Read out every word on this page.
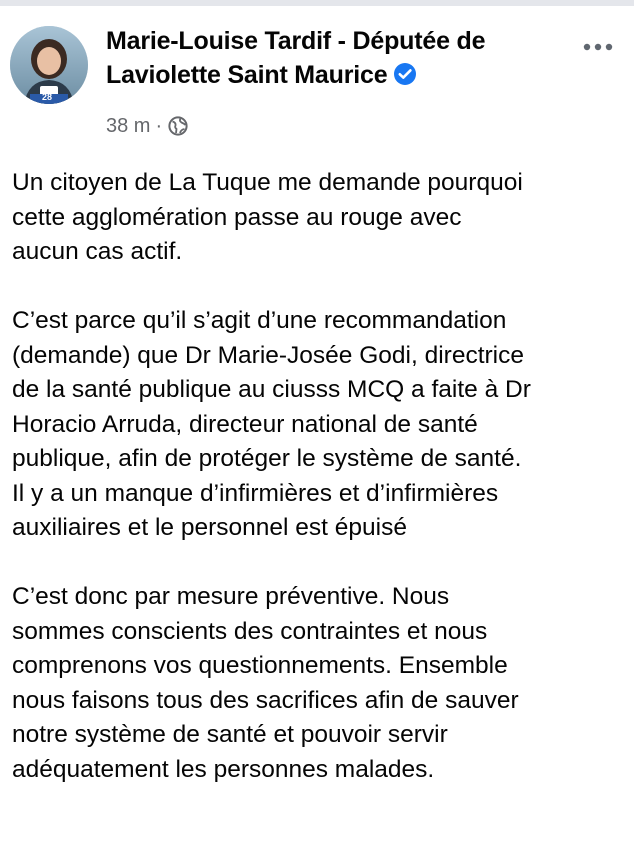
28
Marie-Louise Tardif - Députée de
Laviolette Saint Maurice
38 m ·

Un citoyen de La Tuque me demande pourquoi
cette agglomération passe au rouge avec
aucun cas actif.

C’est parce qu’il s’agit d’une recommandation
(demande) que Dr Marie-Josée Godi, directrice
de la santé publique au ciusss MCQ a faite à Dr
Horacio Arruda, directeur national de santé
publique, afin de protéger le système de santé.
Il y a un manque d’infirmières et d’infirmières
auxiliaires et le personnel est épuisé

C’est donc par mesure préventive. Nous
sommes conscients des contraintes et nous
comprenons vos questionnements. Ensemble
nous faisons tous des sacrifices afin de sauver
notre système de santé et pouvoir servir
adéquatement les personnes malades.
